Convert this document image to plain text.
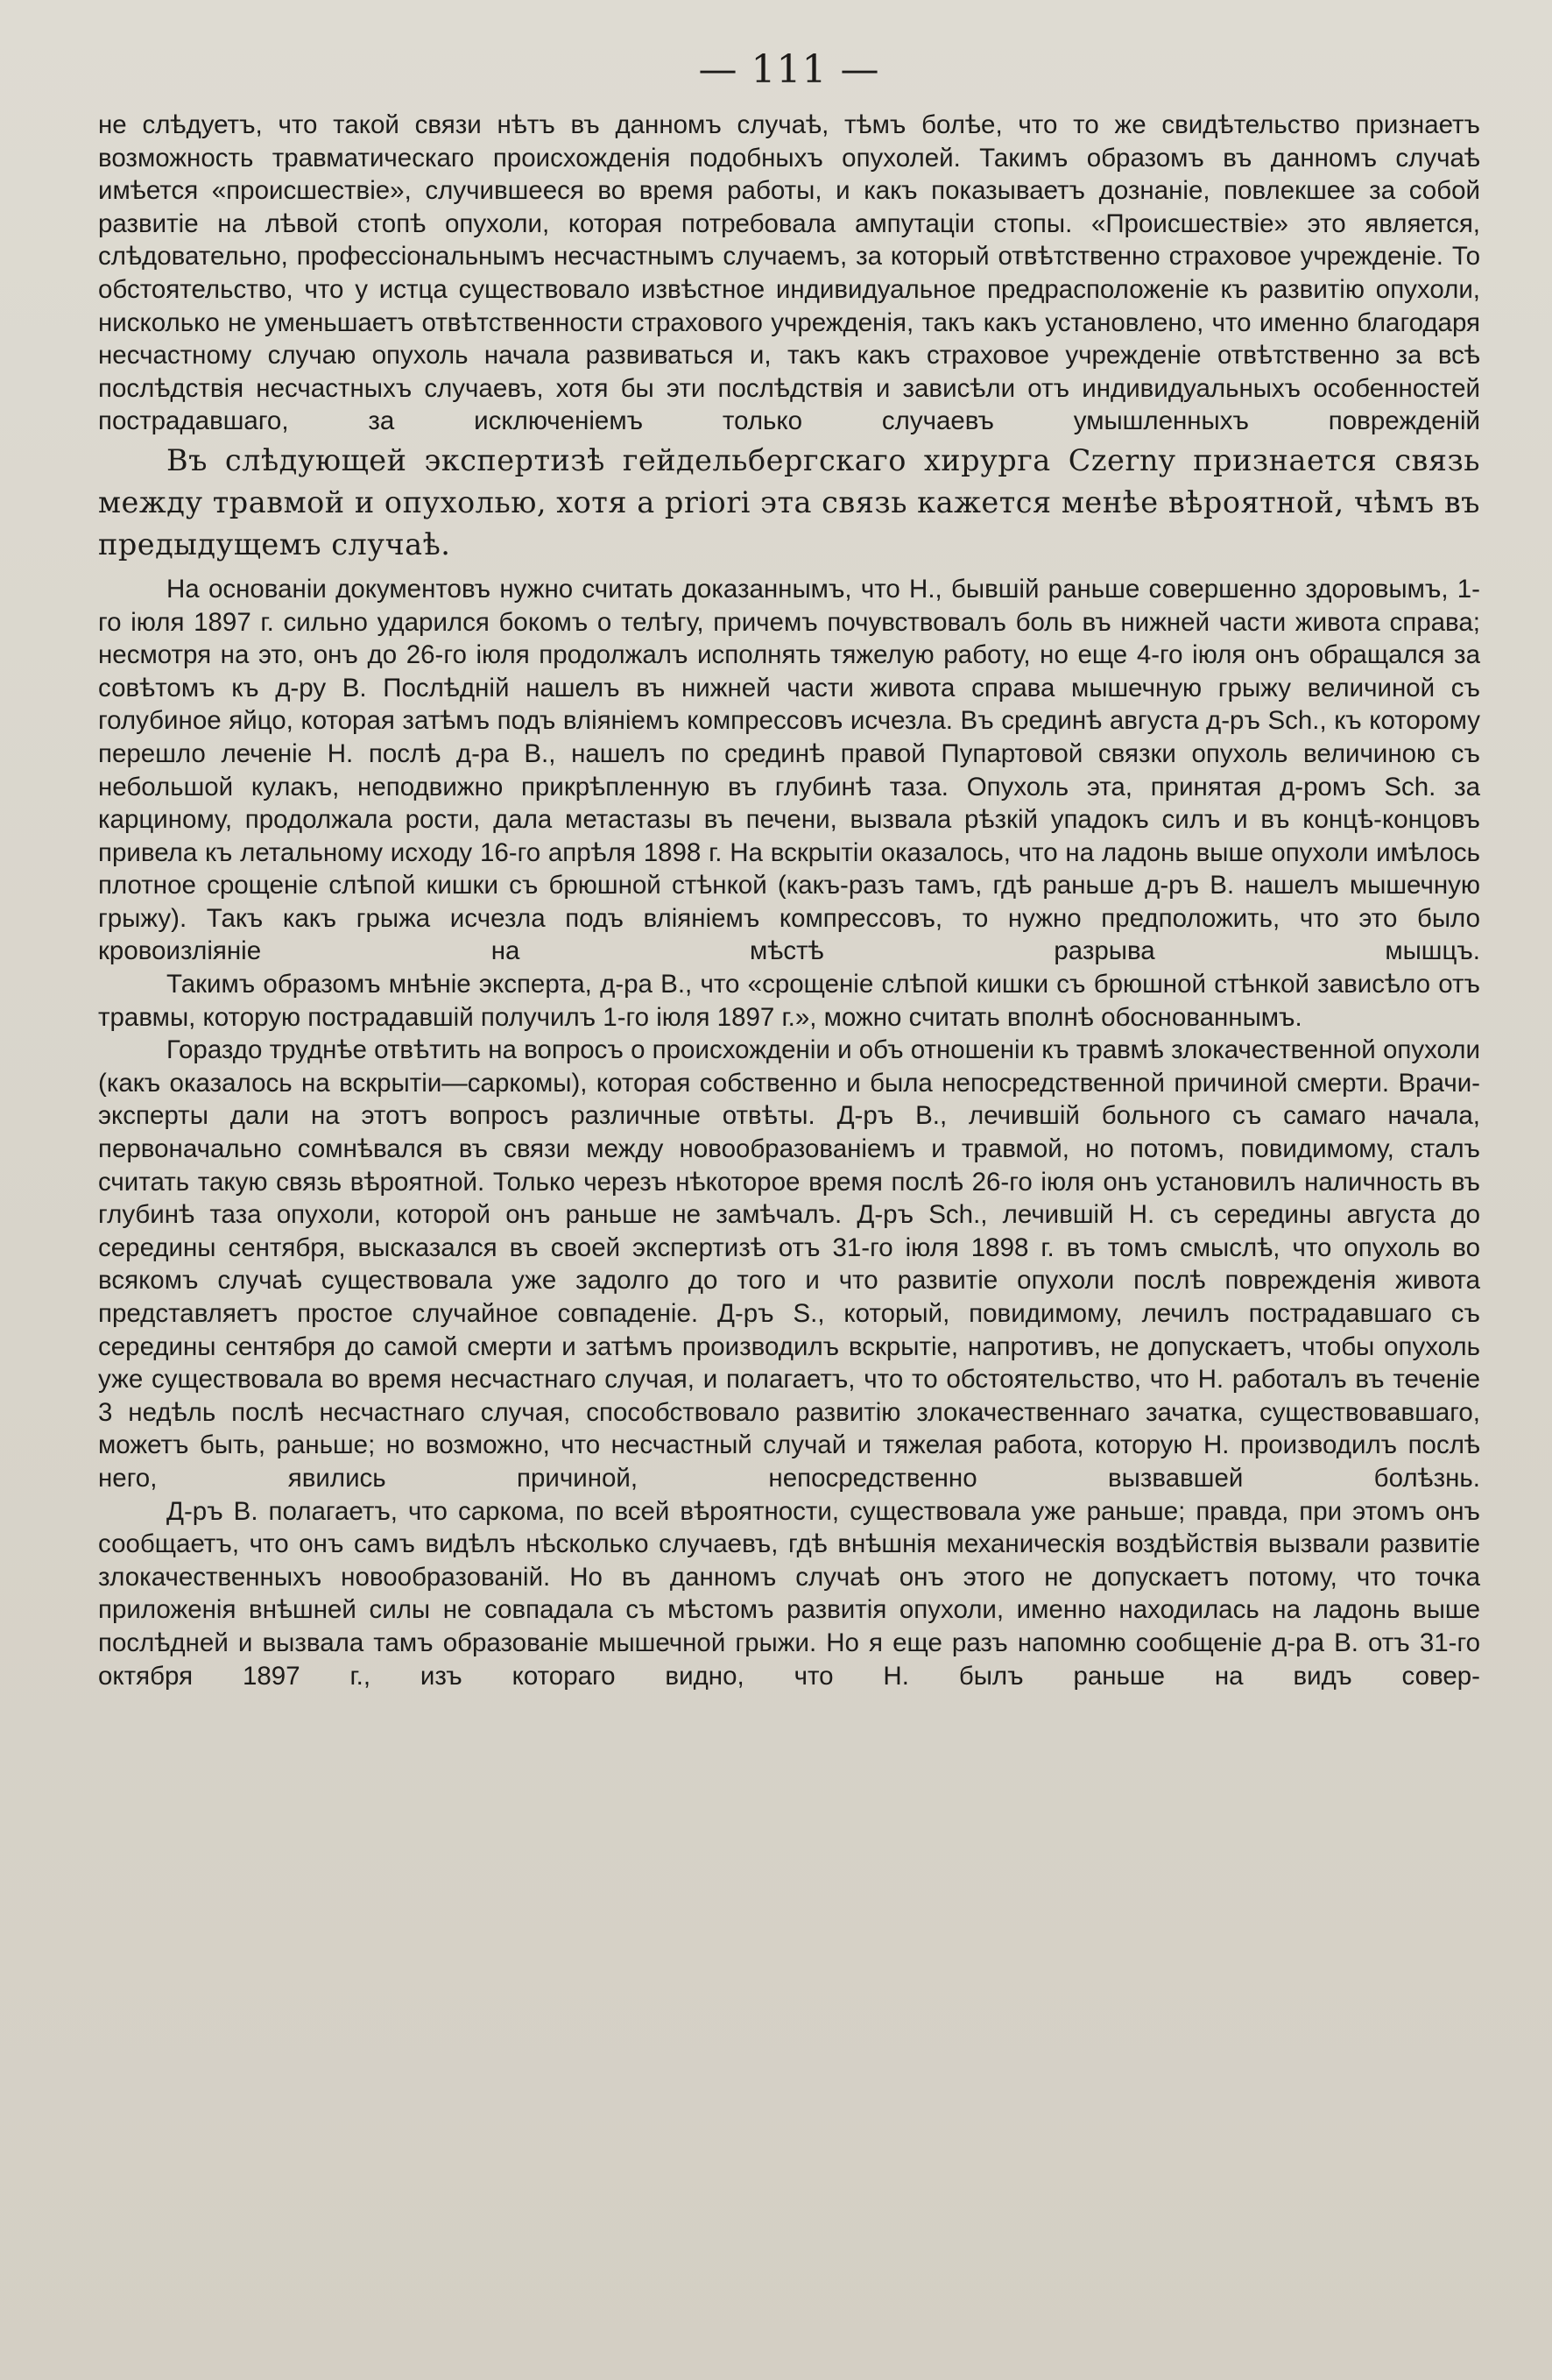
— 111 —

не слѣдуетъ, что такой связи нѣтъ въ данномъ случаѣ, тѣмъ болѣе, что то же свидѣтельство признаетъ возможность травматическаго происхожденія подобныхъ опухолей. Такимъ образомъ въ данномъ случаѣ имѣется «происшествіе», случившееся во время работы, и какъ показываетъ дознаніе, повлекшее за собой развитіе на лѣвой стопѣ опухоли, которая потребовала ампутаціи стопы. «Происшествіе» это является, слѣдовательно, профессіональнымъ несчастнымъ случаемъ, за который отвѣтственно страховое учрежденіе. То обстоятельство, что у истца существовало извѣстное индивидуальное предрасположеніе къ развитію опухоли, нисколько не уменьшаетъ отвѣтственности страхового учрежденія, такъ какъ установлено, что именно благодаря несчастному случаю опухоль начала развиваться и, такъ какъ страховое учрежденіе отвѣтственно за всѣ послѣдствія несчастныхъ случаевъ, хотя бы эти послѣдствія и зависѣли отъ индивидуальныхъ особенностей пострадавшаго, за исключеніемъ только случаевъ умышленныхъ поврежденій

Въ слѣдующей экспертизѣ гейдельбергскаго хирурга Czerny признается связь между травмой и опухолью, хотя a priori эта связь кажется менѣе вѣроятной, чѣмъ въ предыдущемъ случаѣ.

На основаніи документовъ нужно считать доказаннымъ, что Н., бывшій раньше совершенно здоровымъ, 1-го іюля 1897 г. сильно ударился бокомъ о телѣгу, причемъ почувствовалъ боль въ нижней части живота справа; несмотря на это, онъ до 26-го іюля продолжалъ исполнять тяжелую работу, но еще 4-го іюля онъ обращался за совѣтомъ къ д-ру В. Послѣдній нашелъ въ нижней части живота справа мышечную грыжу величиной съ голубиное яйцо, которая затѣмъ подъ вліяніемъ компрессовъ исчезла. Въ срединѣ августа д-ръ Sch., къ которому перешло леченіе Н. послѣ д-ра В., нашелъ по срединѣ правой Пупартовой связки опухоль величиною съ небольшой кулакъ, неподвижно прикрѣпленную въ глубинѣ таза. Опухоль эта, принятая д-ромъ Sch. за карциному, продолжала рости, дала метастазы въ печени, вызвала рѣзкій упадокъ силъ и въ концѣ-концовъ привела къ летальному исходу 16-го апрѣля 1898 г. На вскрытіи оказалось, что на ладонь выше опухоли имѣлось плотное срощеніе слѣпой кишки съ брюшной стѣнкой (какъ-разъ тамъ, гдѣ раньше д-ръ В. нашелъ мышечную грыжу). Такъ какъ грыжа исчезла подъ вліяніемъ компрессовъ, то нужно предположить, что это было кровоизліяніе на мѣстѣ разрыва мышцъ.

Такимъ образомъ мнѣніе эксперта, д-ра В., что «срощеніе слѣпой кишки съ брюшной стѣнкой зависѣло отъ травмы, которую пострадавшій получилъ 1-го іюля 1897 г.», можно считать вполнѣ обоснованнымъ.

Гораздо труднѣе отвѣтить на вопросъ о происхожденіи и объ отношеніи къ травмѣ злокачественной опухоли (какъ оказалось на вскрытіи—саркомы), которая собственно и была непосредственной причиной смерти. Врачи-эксперты дали на этотъ вопросъ различные отвѣты. Д-ръ В., лечившій больного съ самаго начала, первоначально сомнѣвался въ связи между новообразованіемъ и травмой, но потомъ, повидимому, сталъ считать такую связь вѣроятной. Только черезъ нѣкоторое время послѣ 26-го іюля онъ установилъ наличность въ глубинѣ таза опухоли, которой онъ раньше не замѣчалъ. Д-ръ Sch., лечившій Н. съ середины августа до середины сентября, высказался въ своей экспертизѣ отъ 31-го іюля 1898 г. въ томъ смыслѣ, что опухоль во всякомъ случаѣ существовала уже задолго до того и что развитіе опухоли послѣ поврежденія живота представляетъ простое случайное совпаденіе. Д-ръ S., который, повидимому, лечилъ пострадавшаго съ середины сентября до самой смерти и затѣмъ производилъ вскрытіе, напротивъ, не допускаетъ, чтобы опухоль уже существовала во время несчастнаго случая, и полагаетъ, что то обстоятельство, что Н. работалъ въ теченіе 3 недѣль послѣ несчастнаго случая, способствовало развитію злокачественнаго зачатка, существовавшаго, можетъ быть, раньше; но возможно, что несчастный случай и тяжелая работа, которую Н. производилъ послѣ него, явились причиной, непосредственно вызвавшей болѣзнь.

Д-ръ В. полагаетъ, что саркома, по всей вѣроятности, существовала уже раньше; правда, при этомъ онъ сообщаетъ, что онъ самъ видѣлъ нѣсколько случаевъ, гдѣ внѣшнія механическія воздѣйствія вызвали развитіе злокачественныхъ новообразованій. Но въ данномъ случаѣ онъ этого не допускаетъ потому, что точка приложенія внѣшней силы не совпадала съ мѣстомъ развитія опухоли, именно находилась на ладонь выше послѣдней и вызвала тамъ образованіе мышечной грыжи. Но я еще разъ напомню сообщеніе д-ра В. отъ 31-го октября 1897 г., изъ котораго видно, что Н. былъ раньше на видъ совер-
